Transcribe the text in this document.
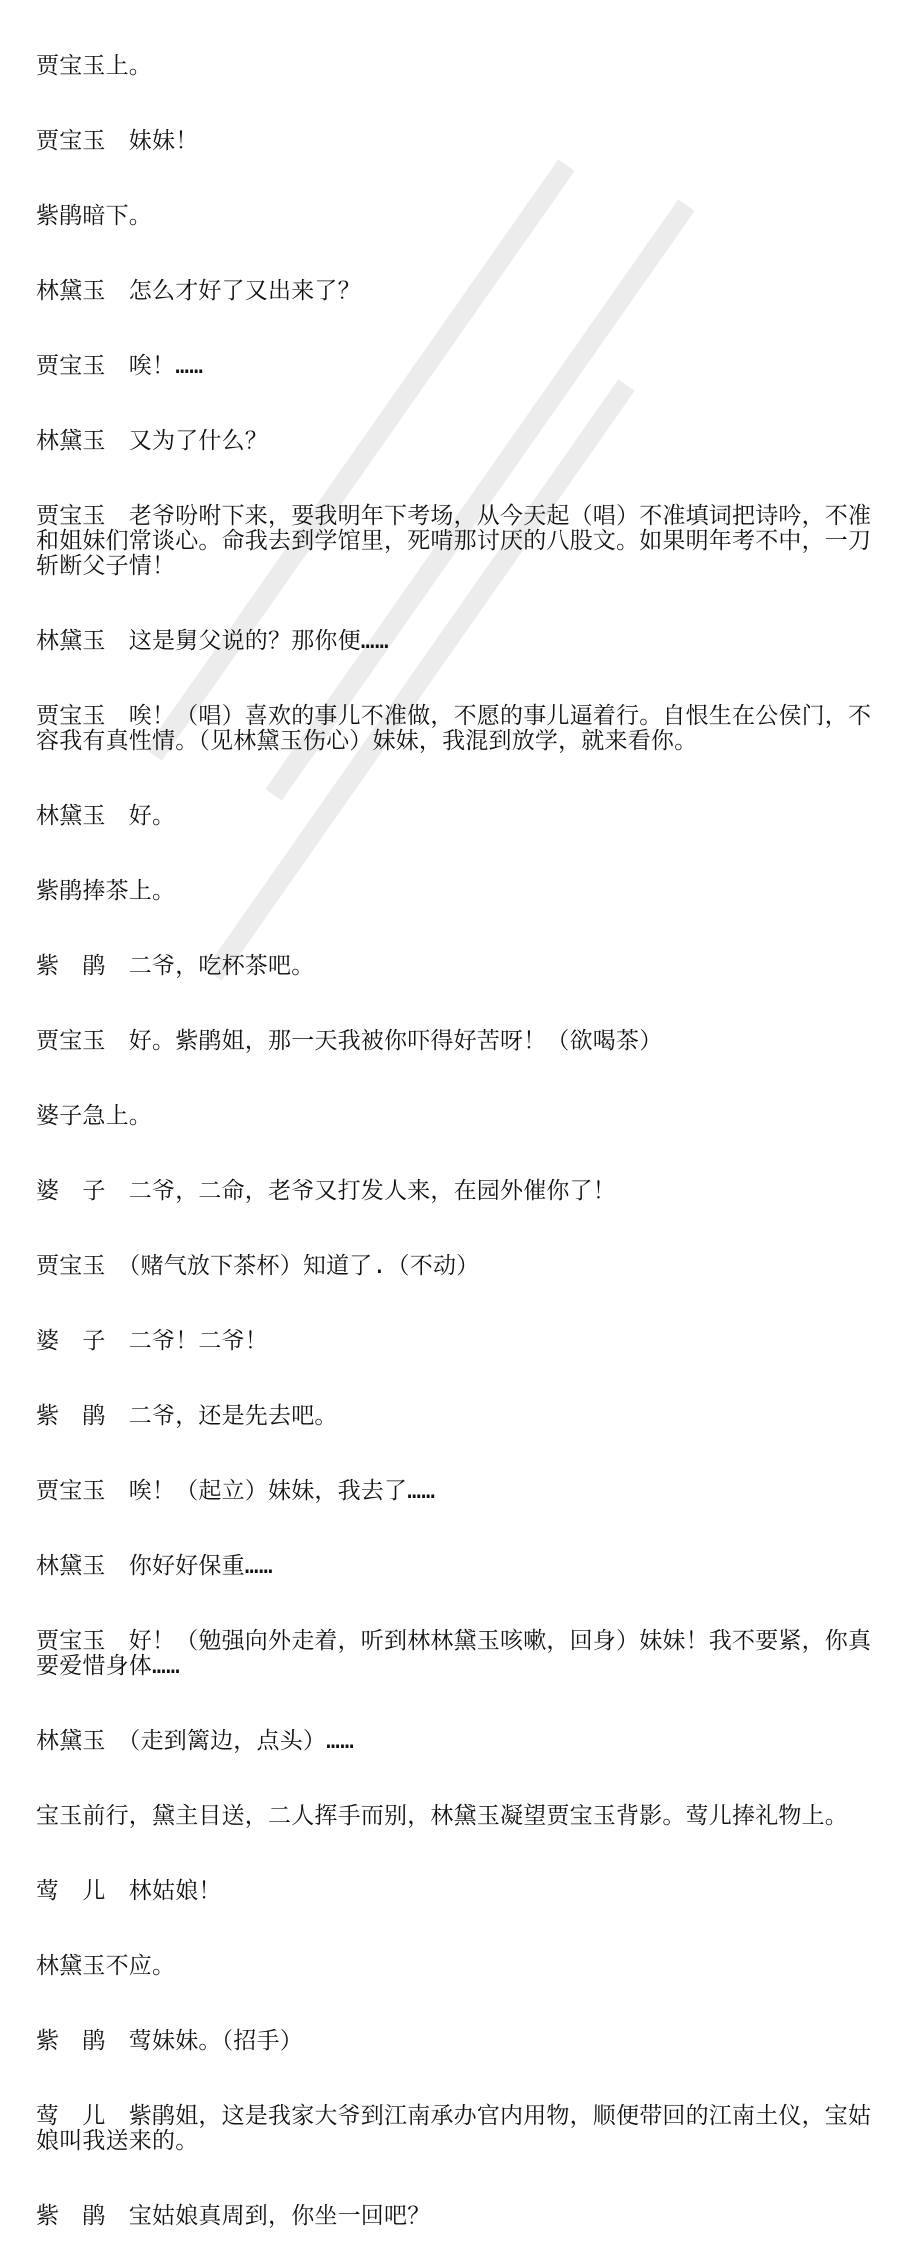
贾宝玉上。

贾宝玉　妹妹！

紫鹃暗下。

林黛玉　怎么才好了又出来了？

贾宝玉　唉！……

林黛玉　又为了什么？

贾宝玉　老爷吩咐下来，要我明年下考场，从今天起（唱）不准填词把诗吟，不准和姐妹们常谈心。命我去到学馆里，死啃那讨厌的八股文。如果明年考不中，一刀斩断父子情！

林黛玉　这是舅父说的？那你便……

贾宝玉　唉！（唱）喜欢的事儿不准做，不愿的事儿逼着行。自恨生在公侯门，不容我有真性情。（见林黛玉伤心）妹妹，我混到放学，就来看你。

林黛玉　好。

紫鹃捧茶上。

紫　鹃　二爷，吃杯茶吧。

贾宝玉　好。紫鹃姐，那一天我被你吓得好苦呀！（欲喝茶）

婆子急上。

婆　子　二爷，二命，老爷又打发人来，在园外催你了！

贾宝玉　（赌气放下茶杯）知道了.（不动）

婆　子　二爷！二爷！

紫　鹃　二爷，还是先去吧。

贾宝玉　唉！（起立）妹妹，我去了……

林黛玉　你好好保重……

贾宝玉　好！（勉强向外走着，听到林林黛玉咳嗽，回身）妹妹！我不要紧，你真要爱惜身体……

林黛玉　（走到篱边，点头）……

宝玉前行，黛主目送，二人挥手而别，林黛玉凝望贾宝玉背影。莺儿捧礼物上。

莺　儿　林姑娘！

林黛玉不应。

紫　鹃　莺妹妹。（招手）

莺　儿　紫鹃姐，这是我家大爷到江南承办官内用物，顺便带回的江南土仪，宝姑娘叫我送来的。

紫　鹃　宝姑娘真周到，你坐一回吧？
